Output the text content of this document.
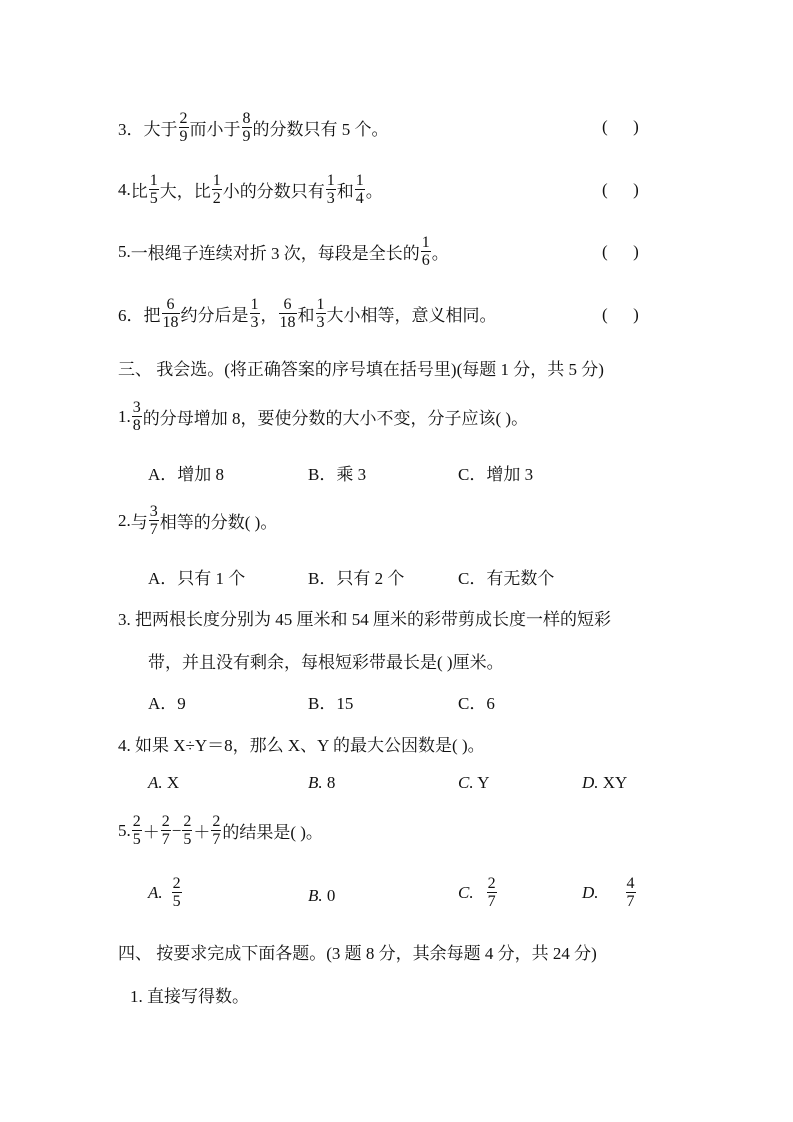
3． 大于 $\frac{2}{9}$ 而小于 $\frac{8}{9}$ 的分数只有 5 个。	(      )
4. 比 $\frac{1}{5}$ 大，比 $\frac{1}{2}$ 小的分数只有 $\frac{1}{3}$ 和 $\frac{1}{4}$ 。	(      )
5. 一根绳子连续对折 3 次，每段是全长的 $\frac{1}{6}$ 。	(      )
6． 把 $\frac{6}{18}$ 约分后是 $\frac{1}{3}$ ， $\frac{6}{18}$ 和 $\frac{1}{3}$ 大小相等，意义相同。	(      )
三、 我会选。(将正确答案的序号填在括号里)(每题 1 分，共 5 分)
1. $\frac{3}{8}$ 的分母增加 8，要使分数的大小不变，分子应该( )。
A．增加 8	B．乘 3	C．增加 3
2. 与 $\frac{3}{7}$ 相等的分数( )。
A．只有 1 个	B．只有 2 个	C．有无数个
3. 把两根长度分别为 45 厘米和 54 厘米的彩带剪成长度一样的短彩
带，并且没有剩余，每根短彩带最长是( )厘米。
A．9	B．15	C．6
4. 如果 X÷Y＝8，那么 X、Y 的最大公因数是( )。
A. X	B. 8	C. Y	D. XY
5. $\frac{2}{5} + \frac{2}{7} - \frac{2}{5} + \frac{2}{7}$ 的结果是( )。
A. $\frac{2}{5}$	B. 0	C. $\frac{2}{7}$	D. $\frac{4}{7}$
四、 按要求完成下面各题。(3 题 8 分，其余每题 4 分，共 24 分)
1. 直接写得数。
